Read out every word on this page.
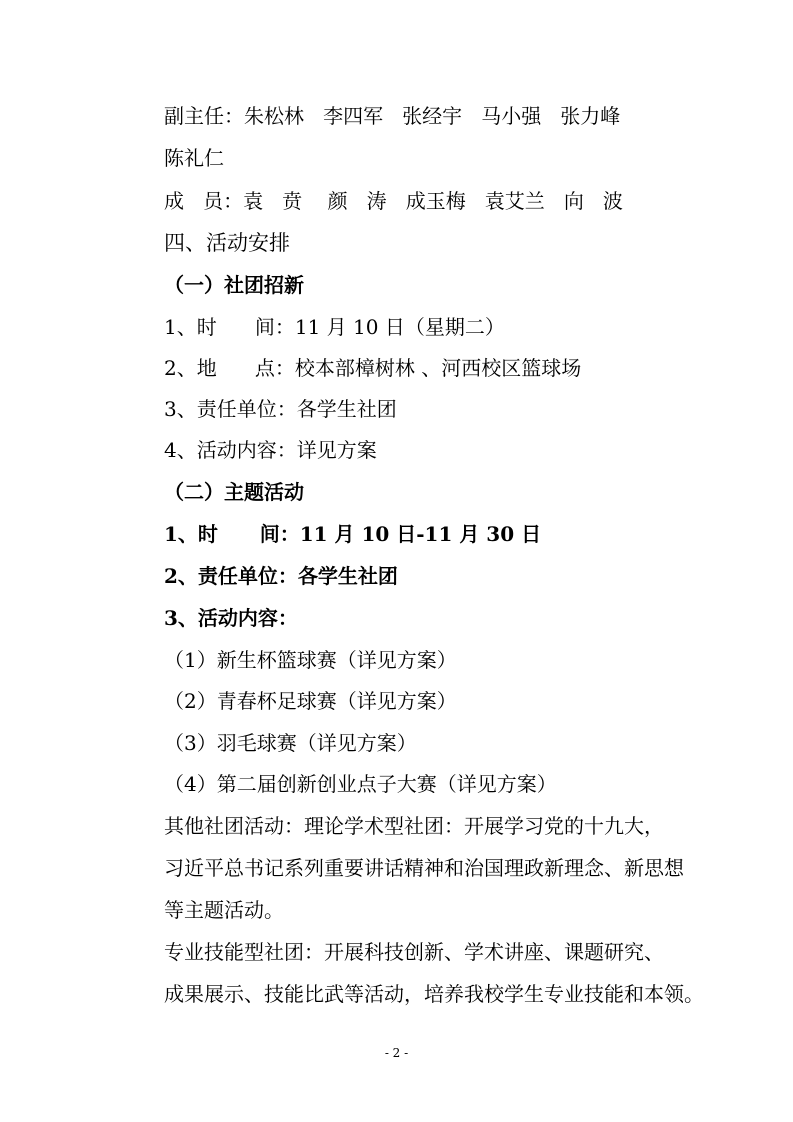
副主任：朱松林   李四军   张经宇   马小强   张力峰

陈礼仁

成   员：袁   贲    颜   涛   成玉梅   袁艾兰   向   波

四、活动安排

（一）社团招新

1、时      间：11 月 10 日（星期二）

2、地      点：校本部樟树林 、河西校区篮球场

3、责任单位：各学生社团

4、活动内容：详见方案

（二）主题活动

1、时      间：11 月 10 日-11 月 30 日

2、责任单位：各学生社团

3、活动内容：

（1）新生杯篮球赛（详见方案）

（2）青春杯足球赛（详见方案）

（3）羽毛球赛（详见方案）

（4）第二届创新创业点子大赛（详见方案）

其他社团活动：理论学术型社团：开展学习党的十九大，

习近平总书记系列重要讲话精神和治国理政新理念、新思想

等主题活动。

专业技能型社团：开展科技创新、学术讲座、课题研究、

成果展示、技能比武等活动，培养我校学生专业技能和本领。

- 2 -
